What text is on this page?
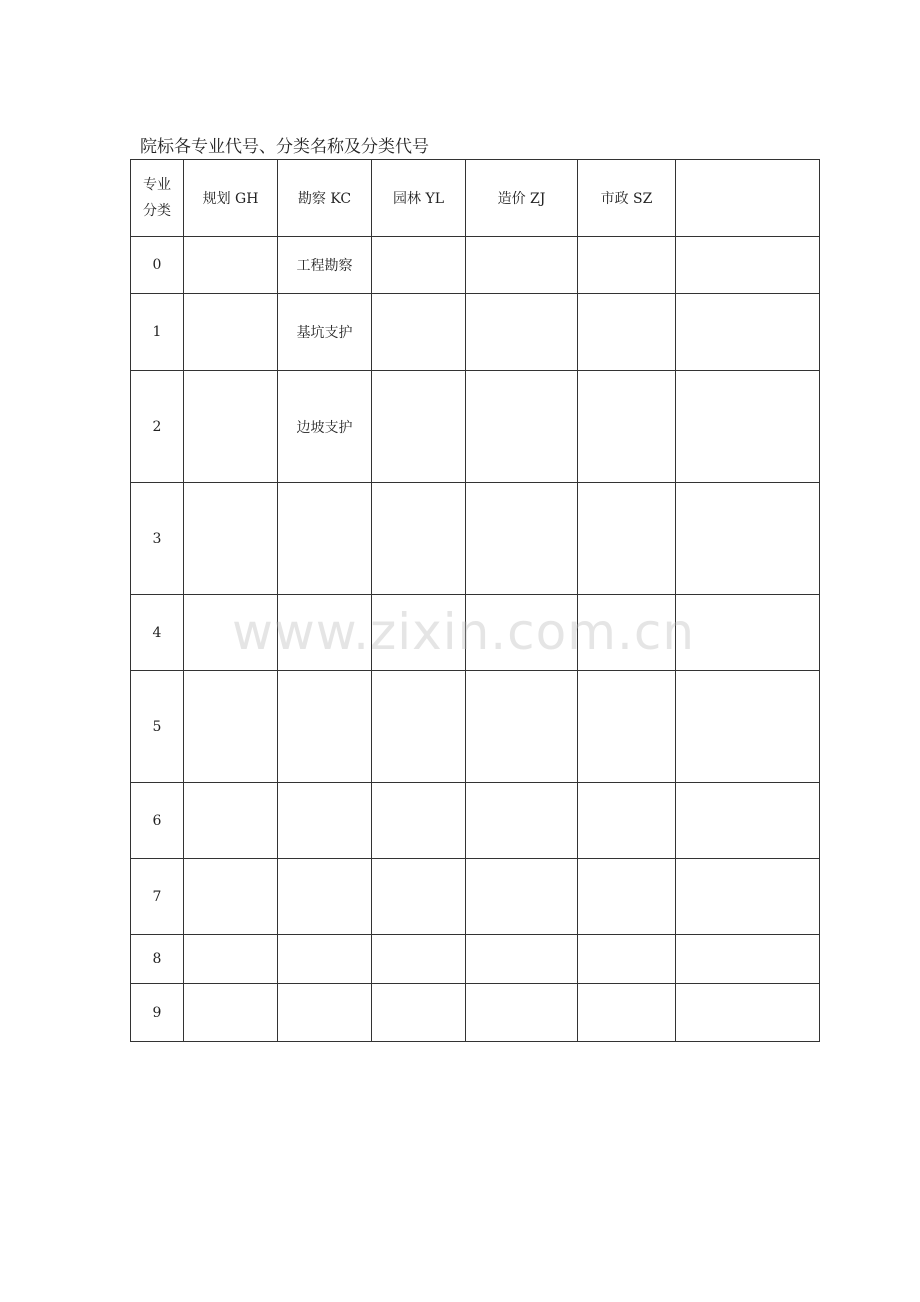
院标各专业代号、分类名称及分类代号
专业
分类	规划 GH	勘察 KC	园林 YL	造价 ZJ	市政 SZ	
0		工程勘察				
1		基坑支护				
2		边坡支护				
3						
4						
5						
6						
7						
8						
9						
www.zixin.com.cn
